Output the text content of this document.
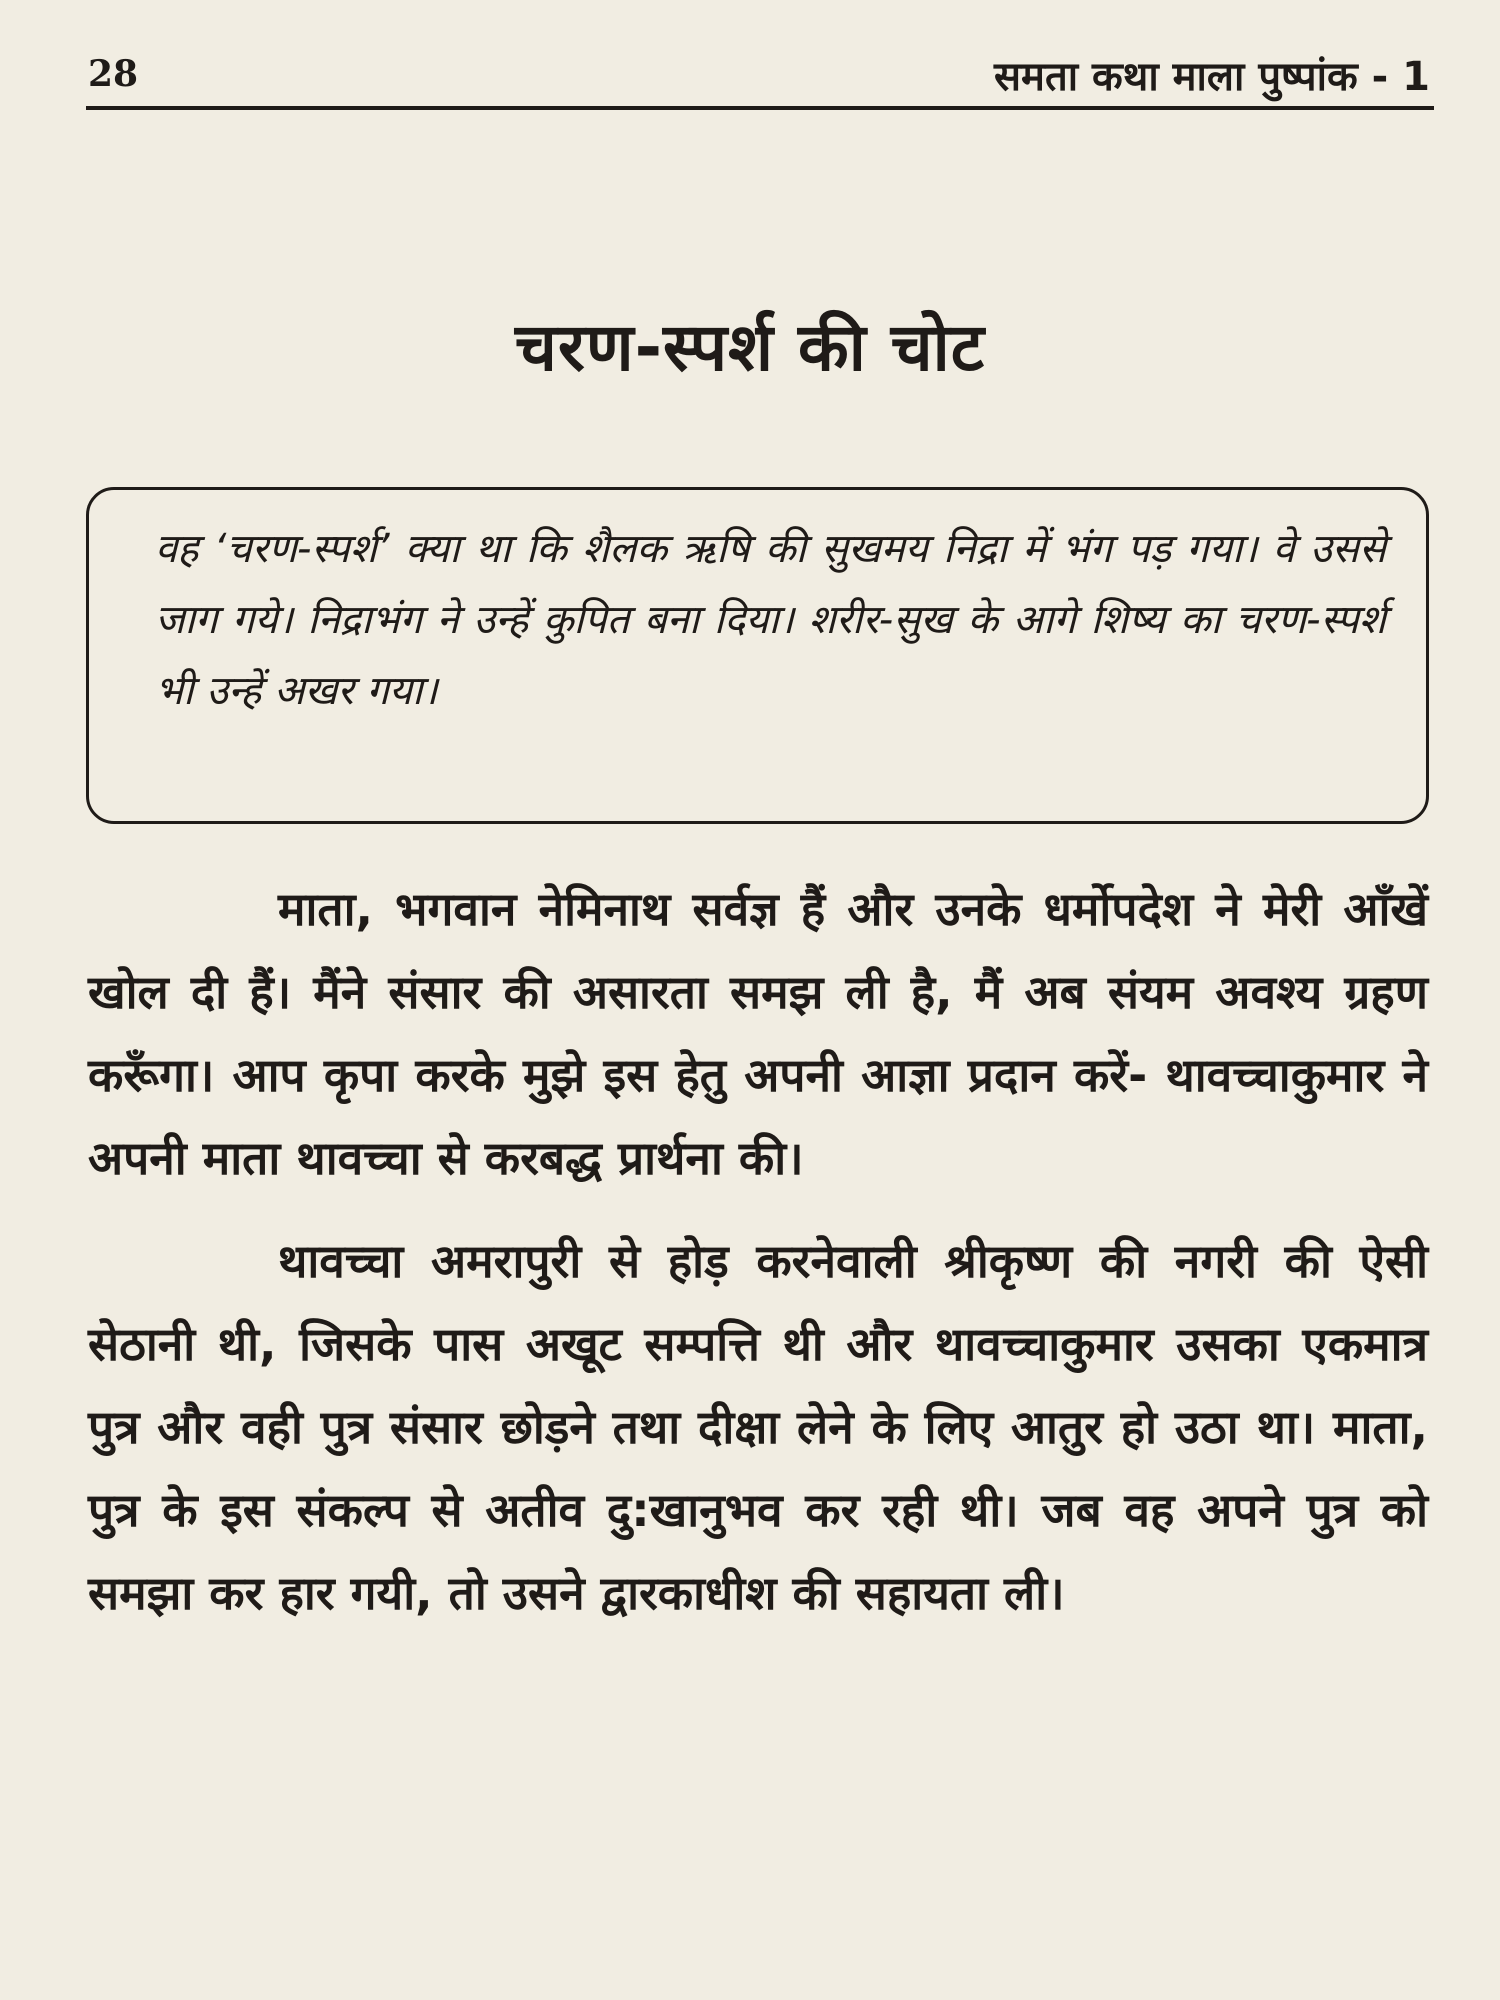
28	समता कथा माला पुष्पांक - 1
चरण-स्पर्श की चोट

वह ‘चरण-स्पर्श’ क्या था कि शैलक ऋषि की सुखमय निद्रा में भंग पड़ गया। वे उससे जाग गये। निद्राभंग ने उन्हें कुपित बना दिया। शरीर-सुख के आगे शिष्य का चरण-स्पर्श भी उन्हें अखर गया।

माता, भगवान नेमिनाथ सर्वज्ञ हैं और उनके धर्मोपदेश ने मेरी आँखें खोल दी हैं। मैंने संसार की असारता समझ ली है, मैं अब संयम अवश्य ग्रहण करूँगा। आप कृपा करके मुझे इस हेतु अपनी आज्ञा प्रदान करें- थावच्चाकुमार ने अपनी माता थावच्चा से करबद्ध प्रार्थना की।

थावच्चा अमरापुरी से होड़ करनेवाली श्रीकृष्ण की नगरी की ऐसी सेठानी थी, जिसके पास अखूट सम्पत्ति थी और थावच्चाकुमार उसका एकमात्र पुत्र और वही पुत्र संसार छोड़ने तथा दीक्षा लेने के लिए आतुर हो उठा था। माता, पुत्र के इस संकल्प से अतीव दु:खानुभव कर रही थी। जब वह अपने पुत्र को समझा कर हार गयी, तो उसने द्वारकाधीश की सहायता ली।
